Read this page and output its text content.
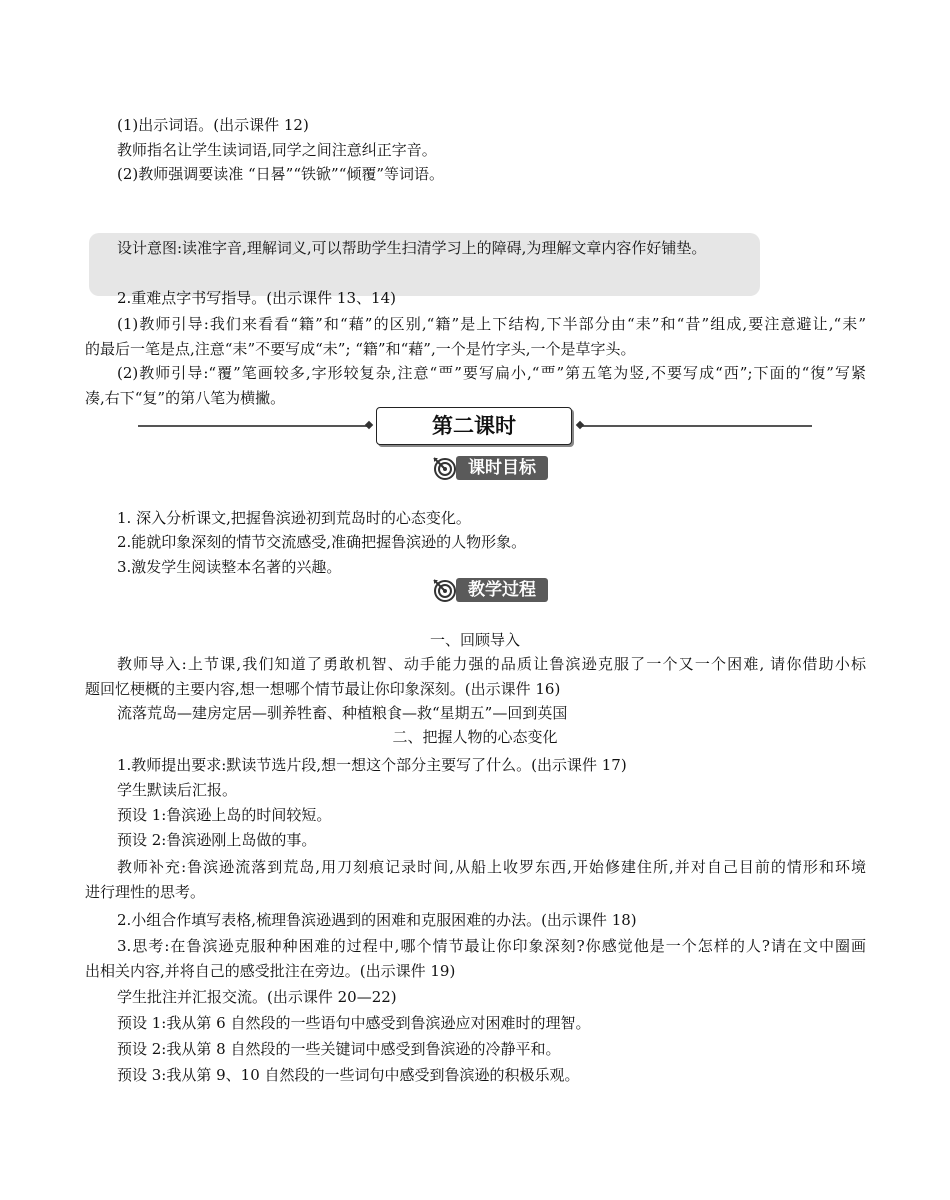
(1)出示词语。(出示课件 12)
教师指名让学生读词语,同学之间注意纠正字音。
(2)教师强调要读准 “日晷”“铁锨”“倾覆”等词语。
设计意图:读准字音,理解词义,可以帮助学生扫清学习上的障碍,为理解文章内容作好铺垫。
2.重难点字书写指导。(出示课件 13、14)
(1)教师引导:我们来看看“籍”和“藉”的区别,“籍”是上下结构,下半部分由“耒”和“昔”组成,要注意避让,“耒”
的最后一笔是点,注意“耒”不要写成“未”; “籍”和“藉”,一个是竹字头,一个是草字头。
(2)教师引导:“覆”笔画较多,字形较复杂,注意“覀”要写扁小,“覀”第五笔为竖,不要写成“西”;下面的“復”写紧
凑,右下“复”的第八笔为横撇。
第二课时
课时目标
1. 深入分析课文,把握鲁滨逊初到荒岛时的心态变化。
2.能就印象深刻的情节交流感受,准确把握鲁滨逊的人物形象。
3.激发学生阅读整本名著的兴趣。
教学过程
一、回顾导入
教师导入:上节课,我们知道了勇敢机智、动手能力强的品质让鲁滨逊克服了一个又一个困难, 请你借助小标
题回忆梗概的主要内容,想一想哪个情节最让你印象深刻。(出示课件 16)
流落荒岛—建房定居—驯养牲畜、种植粮食—救“星期五”—回到英国
二、把握人物的心态变化
1.教师提出要求:默读节选片段,想一想这个部分主要写了什么。(出示课件 17)
学生默读后汇报。
预设 1:鲁滨逊上岛的时间较短。
预设 2:鲁滨逊刚上岛做的事。
教师补充:鲁滨逊流落到荒岛,用刀刻痕记录时间,从船上收罗东西,开始修建住所,并对自己目前的情形和环境
进行理性的思考。
2.小组合作填写表格,梳理鲁滨逊遇到的困难和克服困难的办法。(出示课件 18)
3.思考:在鲁滨逊克服种种困难的过程中,哪个情节最让你印象深刻?你感觉他是一个怎样的人?请在文中圈画
出相关内容,并将自己的感受批注在旁边。(出示课件 19)
学生批注并汇报交流。(出示课件 20—22)
预设 1:我从第 6 自然段的一些语句中感受到鲁滨逊应对困难时的理智。
预设 2:我从第 8 自然段的一些关键词中感受到鲁滨逊的冷静平和。
预设 3:我从第 9、10 自然段的一些词句中感受到鲁滨逊的积极乐观。
